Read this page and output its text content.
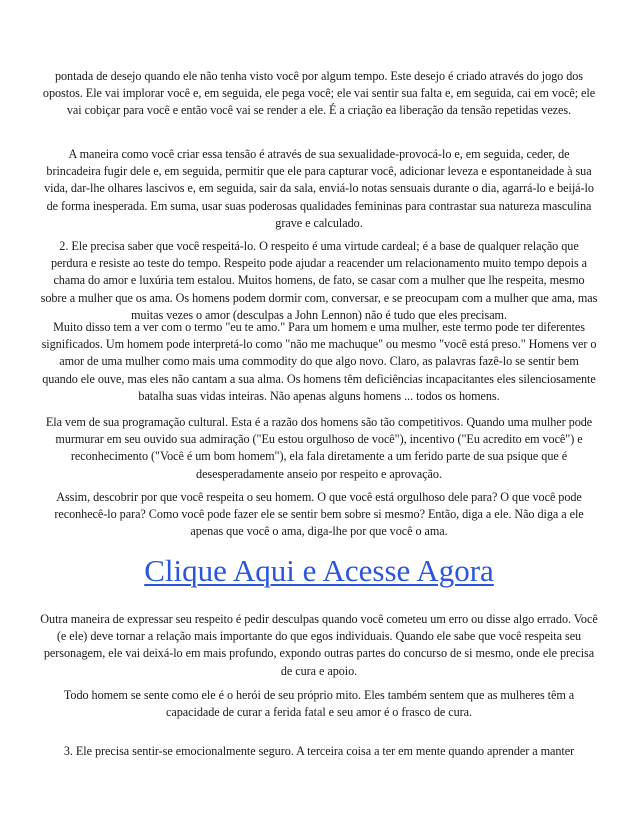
pontada de desejo quando ele não tenha visto você por algum tempo. Este desejo é criado através do jogo dos opostos. Ele vai implorar você e, em seguida, ele pega você; ele vai sentir sua falta e, em seguida, cai em você; ele vai cobiçar para você e então você vai se render a ele. É a criação ea liberação da tensão repetidas vezes.

A maneira como você criar essa tensão é através de sua sexualidade-provocá-lo e, em seguida, ceder, de brincadeira fugir dele e, em seguida, permitir que ele para capturar você, adicionar leveza e espontaneidade à sua vida, dar-lhe olhares lascivos e, em seguida, sair da sala, enviá-lo notas sensuais durante o dia, agarrá-lo e beijá-lo de forma inesperada. Em suma, usar suas poderosas qualidades femininas para contrastar sua natureza masculina grave e calculado.

2. Ele precisa saber que você respeitá-lo. O respeito é uma virtude cardeal; é a base de qualquer relação que perdura e resiste ao teste do tempo. Respeito pode ajudar a reacender um relacionamento muito tempo depois a chama do amor e luxúria tem estalou. Muitos homens, de fato, se casar com a mulher que lhe respeita, mesmo sobre a mulher que os ama. Os homens podem dormir com, conversar, e se preocupam com a mulher que ama, mas muitas vezes o amor (desculpas a John Lennon) não é tudo que eles precisam.

Muito disso tem a ver com o termo "eu te amo." Para um homem e uma mulher, este termo pode ter diferentes significados. Um homem pode interpretá-lo como "não me machuque" ou mesmo "você está preso." Homens ver o amor de uma mulher como mais uma commodity do que algo novo. Claro, as palavras fazê-lo se sentir bem quando ele ouve, mas eles não cantam a sua alma. Os homens têm deficiências incapacitantes eles silenciosamente batalha suas vidas inteiras. Não apenas alguns homens ... todos os homens.

Ela vem de sua programação cultural. Esta é a razão dos homens são tão competitivos. Quando uma mulher pode murmurar em seu ouvido sua admiração ("Eu estou orgulhoso de você"), incentivo ("Eu acredito em você") e reconhecimento ("Você é um bom homem"), ela fala diretamente a um ferido parte de sua psique que é desesperadamente anseio por respeito e aprovação.

Assim, descobrir por que você respeita o seu homem. O que você está orgulhoso dele para? O que você pode reconhecê-lo para? Como você pode fazer ele se sentir bem sobre si mesmo? Então, diga a ele. Não diga a ele apenas que você o ama, diga-lhe por que você o ama.

Clique Aqui e Acesse Agora

Outra maneira de expressar seu respeito é pedir desculpas quando você cometeu um erro ou disse algo errado. Você (e ele) deve tornar a relação mais importante do que egos individuais. Quando ele sabe que você respeita seu personagem, ele vai deixá-lo em mais profundo, expondo outras partes do concurso de si mesmo, onde ele precisa de cura e apoio.

Todo homem se sente como ele é o herói de seu próprio mito. Eles também sentem que as mulheres têm a capacidade de curar a ferida fatal e seu amor é o frasco de cura.

3. Ele precisa sentir-se emocionalmente seguro. A terceira coisa a ter em mente quando aprender a manter
